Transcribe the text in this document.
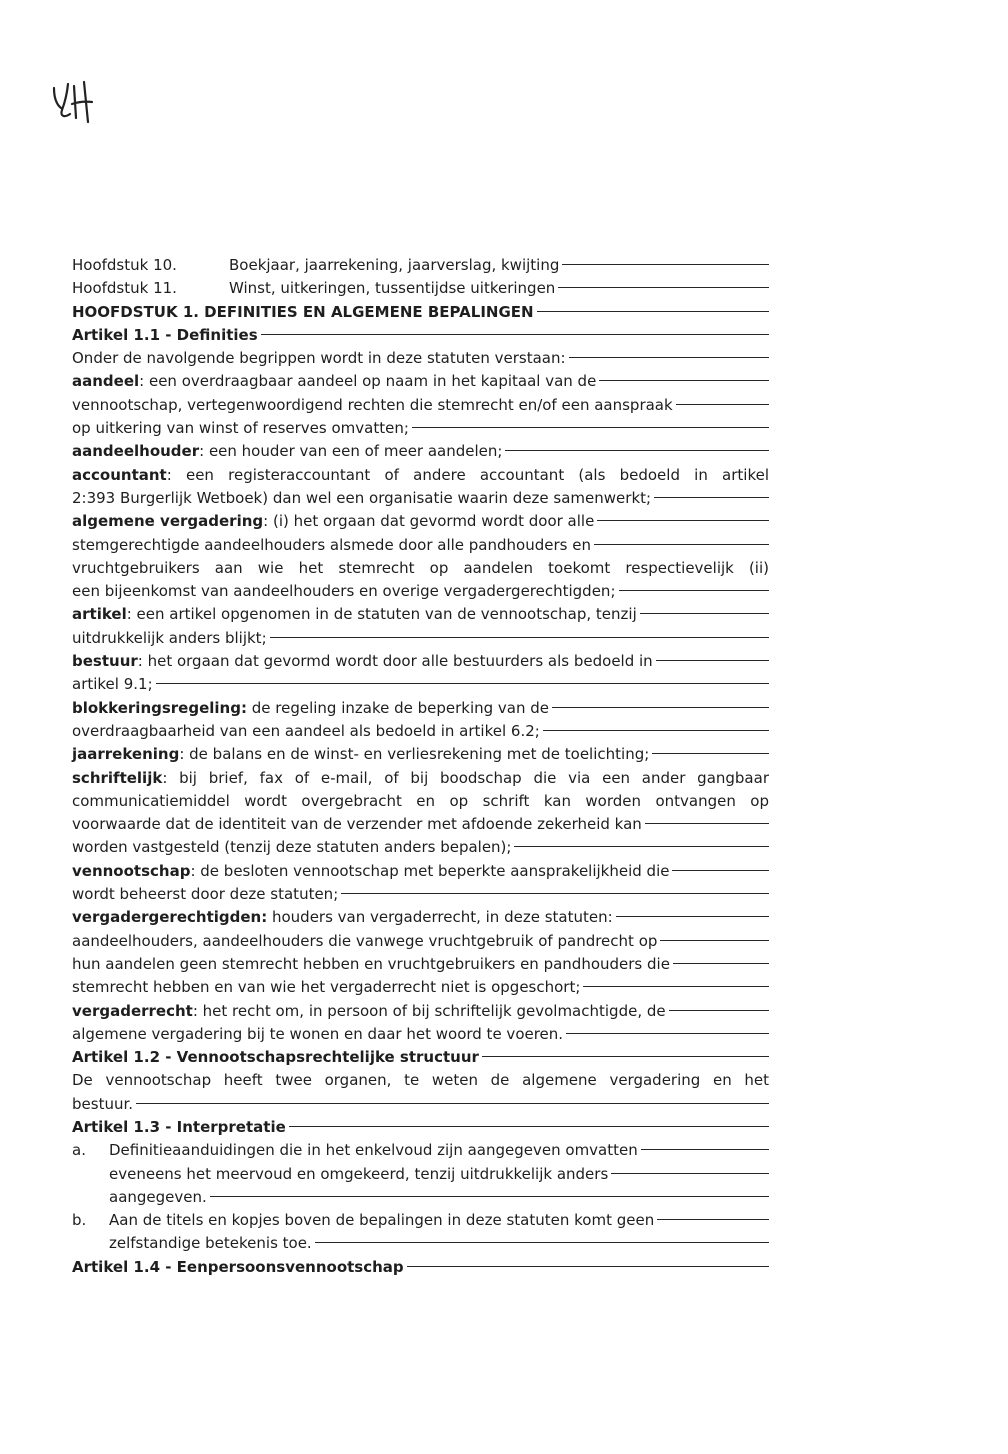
Hoofdstuk 10.	Boekjaar, jaarrekening, jaarverslag, kwijting
Hoofdstuk 11.	Winst, uitkeringen, tussentijdse uitkeringen
HOOFDSTUK 1. DEFINITIES EN ALGEMENE BEPALINGEN
Artikel 1.1 - Definities
Onder de navolgende begrippen wordt in deze statuten verstaan:
aandeel: een overdraagbaar aandeel op naam in het kapitaal van de
vennootschap, vertegenwoordigend rechten die stemrecht en/of een aanspraak
op uitkering van winst of reserves omvatten;
aandeelhouder: een houder van een of meer aandelen;
accountant: een registeraccountant of andere accountant (als bedoeld in artikel
2:393 Burgerlijk Wetboek) dan wel een organisatie waarin deze samenwerkt;
algemene vergadering: (i) het orgaan dat gevormd wordt door alle
stemgerechtigde aandeelhouders alsmede door alle pandhouders en
vruchtgebruikers aan wie het stemrecht op aandelen toekomt respectievelijk (ii)
een bijeenkomst van aandeelhouders en overige vergadergerechtigden;
artikel: een artikel opgenomen in de statuten van de vennootschap, tenzij
uitdrukkelijk anders blijkt;
bestuur: het orgaan dat gevormd wordt door alle bestuurders als bedoeld in
artikel 9.1;
blokkeringsregeling: de regeling inzake de beperking van de
overdraagbaarheid van een aandeel als bedoeld in artikel 6.2;
jaarrekening: de balans en de winst- en verliesrekening met de toelichting;
schriftelijk: bij brief, fax of e-mail, of bij boodschap die via een ander gangbaar
communicatiemiddel wordt overgebracht en op schrift kan worden ontvangen op
voorwaarde dat de identiteit van de verzender met afdoende zekerheid kan
worden vastgesteld (tenzij deze statuten anders bepalen);
vennootschap: de besloten vennootschap met beperkte aansprakelijkheid die
wordt beheerst door deze statuten;
vergadergerechtigden: houders van vergaderrecht, in deze statuten:
aandeelhouders, aandeelhouders die vanwege vruchtgebruik of pandrecht op
hun aandelen geen stemrecht hebben en vruchtgebruikers en pandhouders die
stemrecht hebben en van wie het vergaderrecht niet is opgeschort;
vergaderrecht: het recht om, in persoon of bij schriftelijk gevolmachtigde, de
algemene vergadering bij te wonen en daar het woord te voeren.
Artikel 1.2 - Vennootschapsrechtelijke structuur
De vennootschap heeft twee organen, te weten de algemene vergadering en het
bestuur.
Artikel 1.3 - Interpretatie
a. Definitieaanduidingen die in het enkelvoud zijn aangegeven omvatten
eveneens het meervoud en omgekeerd, tenzij uitdrukkelijk anders
aangegeven.
b. Aan de titels en kopjes boven de bepalingen in deze statuten komt geen
zelfstandige betekenis toe.
Artikel 1.4 - Eenpersoonsvennootschap
